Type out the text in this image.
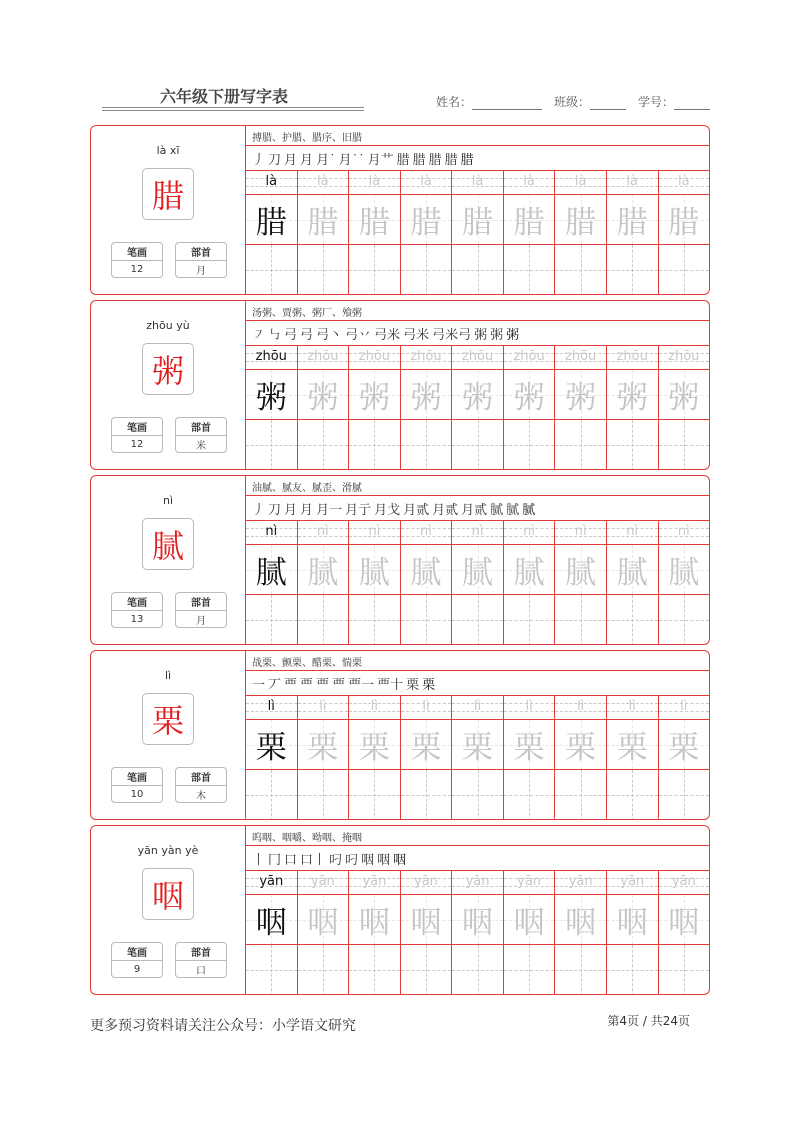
六年级下册写字表	姓名：	班级：	学号：
là xī
腊
笔画
12
部首
月
搏腊、护腊、腊序、旧腊
丿 刀 月 月 月˙ 月˙˙ 月艹 腊 腊 腊 腊 腊
là
腊
là
腊
là
腊
là
腊
là
腊
là
腊
là
腊
là
腊
là
腊
zhōu yù
粥
笔画
12
部首
米
汤粥、贾粥、粥厂、飧粥
㇇ ㇉ 弓 弓 弓丶 弓丷 弓米 弓米 弓米弓 粥 粥 粥
zhōu
粥
zhōu
粥
zhōu
粥
zhōu
粥
zhōu
粥
zhōu
粥
zhōu
粥
zhōu
粥
zhōu
粥
nì
腻
笔画
13
部首
月
油腻、腻友、腻歪、滑腻
丿 刀 月 月 月一 月亍 月戈 月贰 月贰 月贰 腻 腻 腻
nì
腻
nì
腻
nì
腻
nì
腻
nì
腻
nì
腻
nì
腻
nì
腻
nì
腻
lì
栗
笔画
10
部首
木
战栗、颤栗、醋栗、惴栗
一 丆 覀 覀 覀 覀 覀一 覀十 栗 栗
lì
栗
lì
栗
lì
栗
lì
栗
lì
栗
lì
栗
lì
栗
lì
栗
lì
栗
yān yàn yè
咽
笔画
9
部首
口
呜咽、咽嚼、呦咽、掩咽
丨 冂 口 口丨 叼 叼 咽 咽 咽
yān
咽
yān
咽
yān
咽
yān
咽
yān
咽
yān
咽
yān
咽
yān
咽
yān
咽
更多预习资料请关注公众号：小学语文研究	第4页 / 共24页
